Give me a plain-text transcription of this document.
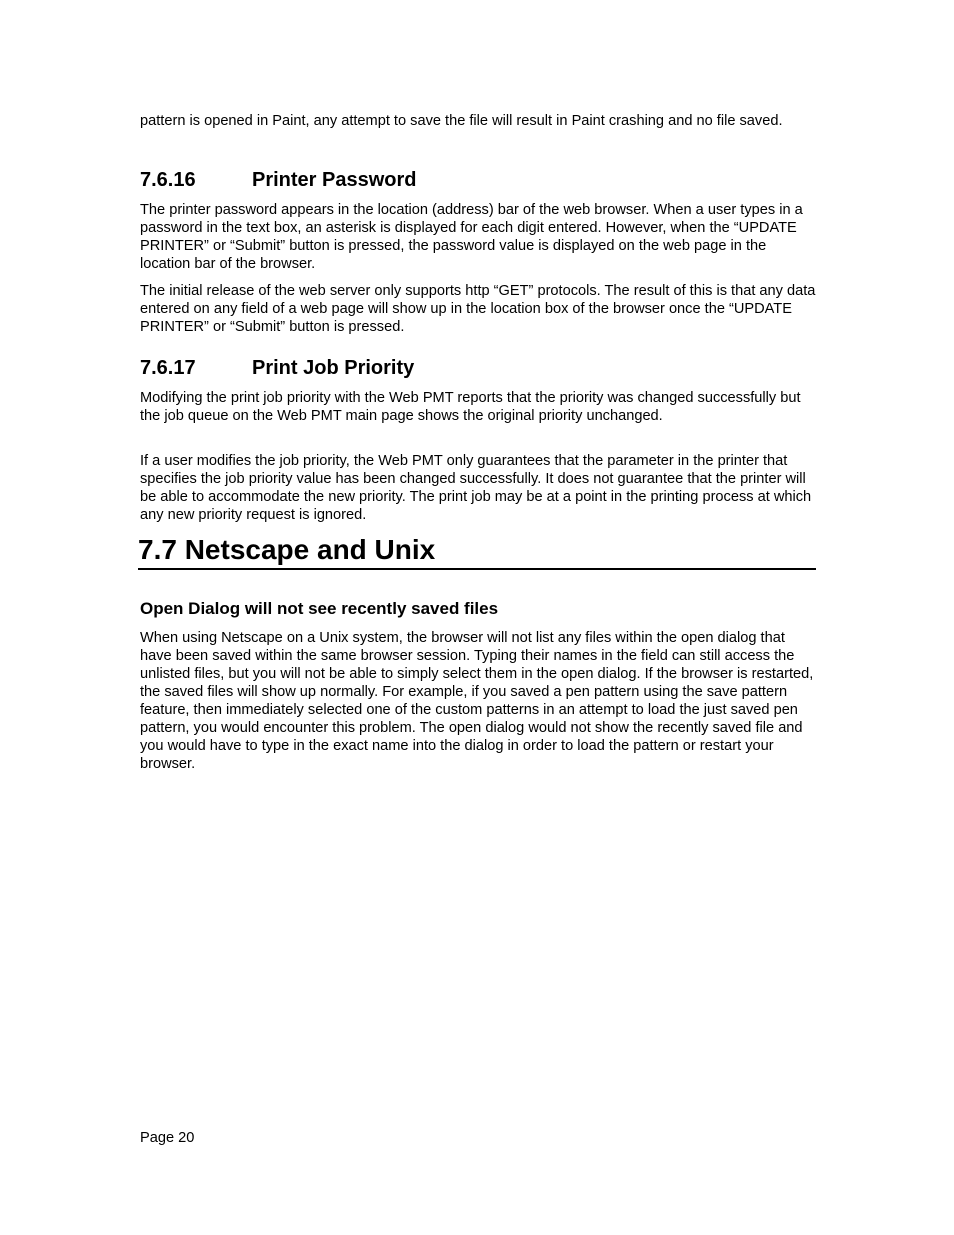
pattern is opened in Paint, any attempt to save the file will result in Paint crashing and no file saved.

7.6.16	Printer Password

The printer password appears in the location (address) bar of the web browser. When a user types in a password in the text box, an asterisk is displayed for each digit entered. However, when the “UPDATE PRINTER” or “Submit” button is pressed, the password value is displayed on the web page in the location bar of the browser.

The initial release of the web server only supports http “GET” protocols. The result of this is that any data entered on any field of a web page will show up in the location box of the browser once the “UPDATE PRINTER” or “Submit” button is pressed.

7.6.17	Print Job Priority

Modifying the print job priority with the Web PMT reports that the priority was changed successfully but the job queue on the Web PMT main page shows the original priority unchanged.

If a user modifies the job priority, the Web PMT only guarantees that the parameter in the printer that specifies the job priority value has been changed successfully. It does not guarantee that the printer will be able to accommodate the new priority. The print job may be at a point in the printing process at which any new priority request is ignored.

7.7 Netscape and Unix
Open Dialog will not see recently saved files

When using Netscape on a Unix system, the browser will not list any files within the open dialog that have been saved within the same browser session. Typing their names in the field can still access the unlisted files, but you will not be able to simply select them in the open dialog. If the browser is restarted, the saved files will show up normally. For example, if you saved a pen pattern using the save pattern feature, then immediately selected one of the custom patterns in an attempt to load the just saved pen pattern, you would encounter this problem. The open dialog would not show the recently saved file and you would have to type in the exact name into the dialog in order to load the pattern or restart your browser.

Page 20
